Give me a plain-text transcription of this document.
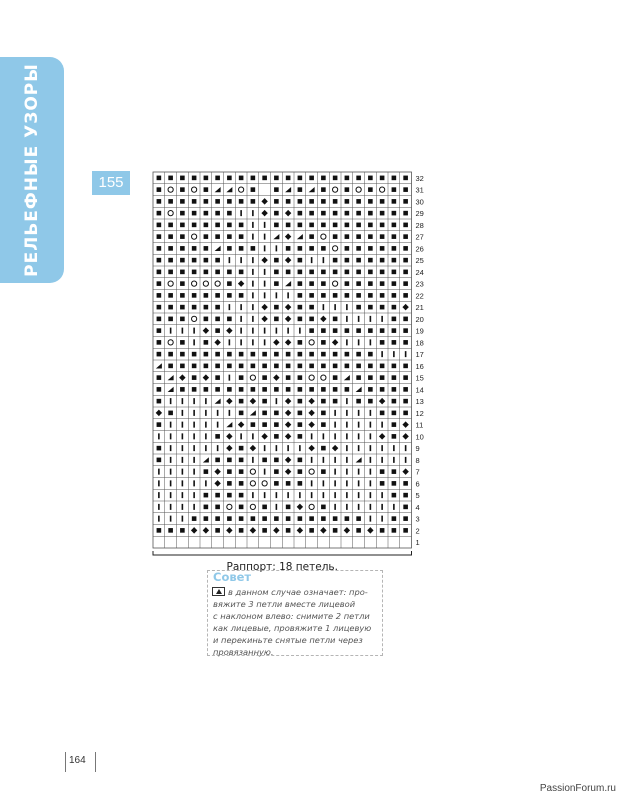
РЕЛЬЕФНЫЕ УЗОРЫ	155	32
31
30
29
28
27
26
25
24
23
22
21
20
19
18
17
16
15
14
13
12
11
10
9
8
7
6
5
4
3
2
1
Раппорт: 18 петель.
Совет
в данном случае означает: про-
вяжите 3 петли вместе лицевой
с наклоном влево: снимите 2 петли
как лицевые, провяжите 1 лицевую
и перекиньте снятые петли через
провязанную.
164
PassionForum.ru
